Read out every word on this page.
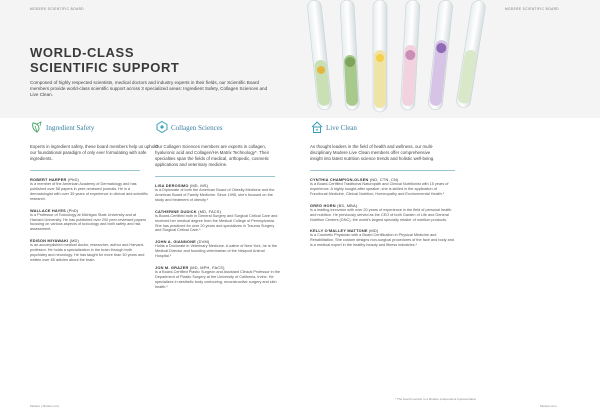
MODERE SCIENTIFIC BOARD	MODERE SCIENTIFIC BOARD
WORLD-CLASS
SCIENTIFIC SUPPORT
Composed of highly respected scientists, medical doctors and industry experts in their fields, our Scientific Board members provide world-class scientific support across 3 specialized areas: Ingredient Safety, Collagen Sciences and Live Clean.
Ingredient Safety
Experts in ingredient safety, these board members help us uphold our foundational paradigm of only ever formulating with safe ingredients.
ROBERT HARPER (PhD)
Is a member of the American Academy of Dermatology and has published over 58 papers in peer-reviewed journals. He is a dermatologist with over 35 years of experience in clinical and scientific research.
WALLACE HAYES (PhD)
Is a Professor of Toxicology at Michigan State University and at Harvard University. He has published over 200 peer-reviewed papers focusing on various aspects of toxicology and both safety and risk assessment.
EDISON MIYAWAKI (MD)
Is an accomplished medical doctor, researcher, author and Harvard-professor. He holds a specialization in the brain through both psychiatry and neurology. He has taught for more than 30 years and written over 65 articles about the brain.
Collagen Sciences
Our Collagen Sciences members are experts in collagen, hyaluronic acid and Collagen/HA Matrix Technology*. Their specialties span the fields of medical, orthopedic, cosmetic applications and veterinary medicine.
LISA DEROSIMO (MD, MS)
Is a Diplomate of both the American Board of Obesity Medicine and the American Board of Family Medicine. Since 1995, she's focused on the study and treatment of obesity.*
CATHERINE DUDICK (MD, FACS)
Is Board-Certified both in General Surgery and Surgical Critical Care and received her medical degree from the Medical College of Pennsylvania. She has practiced for over 20 years and specializes in Trauma Surgery and Surgical Critical Care.*
JOHN A. GIANNONE (DVM)
Holds a Doctorate in Veterinary Medicine. A native of New York, he is the Medical Director and founding veterinarian of the Newport Animal Hospital.*
JON M. GRAZER (MD, MPH, FACS)
Is a Board-Certified Plastic Surgeon and Assistant Clinical Professor in the Department of Plastic Surgery at the University of California, Irvine. He specializes in aesthetic body contouring, reconstructive surgery and skin health.*
Live Clean
As thought leaders in the field of health and wellness, our multi-disciplinary Modere Live Clean members offer comprehensive insight into latest nutrition science trends and holistic well-being.
CYNTHIA CHAMPION-OLSEN (ND, CTN, CN)
Is a Board-Certified Traditional Naturopath and Clinical Nutritionist with 15 years of experience. A highly sought-after speaker, she is skilled in the application of Functional Medicine, Clinical Nutrition, Homeopathy and Environmental Health.*
GREG HORN (BS, MBA)
Is a leading innovator with over 20 years of experience in the field of personal health and nutrition. He previously served as the CEO of both Garden of Life and General Nutrition Centers (GNC), the world's largest specialty retailer of nutrition products.
KELLY O'MALLEY MATTONE (MD)
Is a Cosmetic Physician with a Board Certification in Physical Medicine and Rehabilitation. She custom designs non-surgical procedures of the face and body and is a medical expert in the healthy beauty and fitness industries.*
Modere | Modere.com
* The board member is a Modere independent representative
Modere.com
